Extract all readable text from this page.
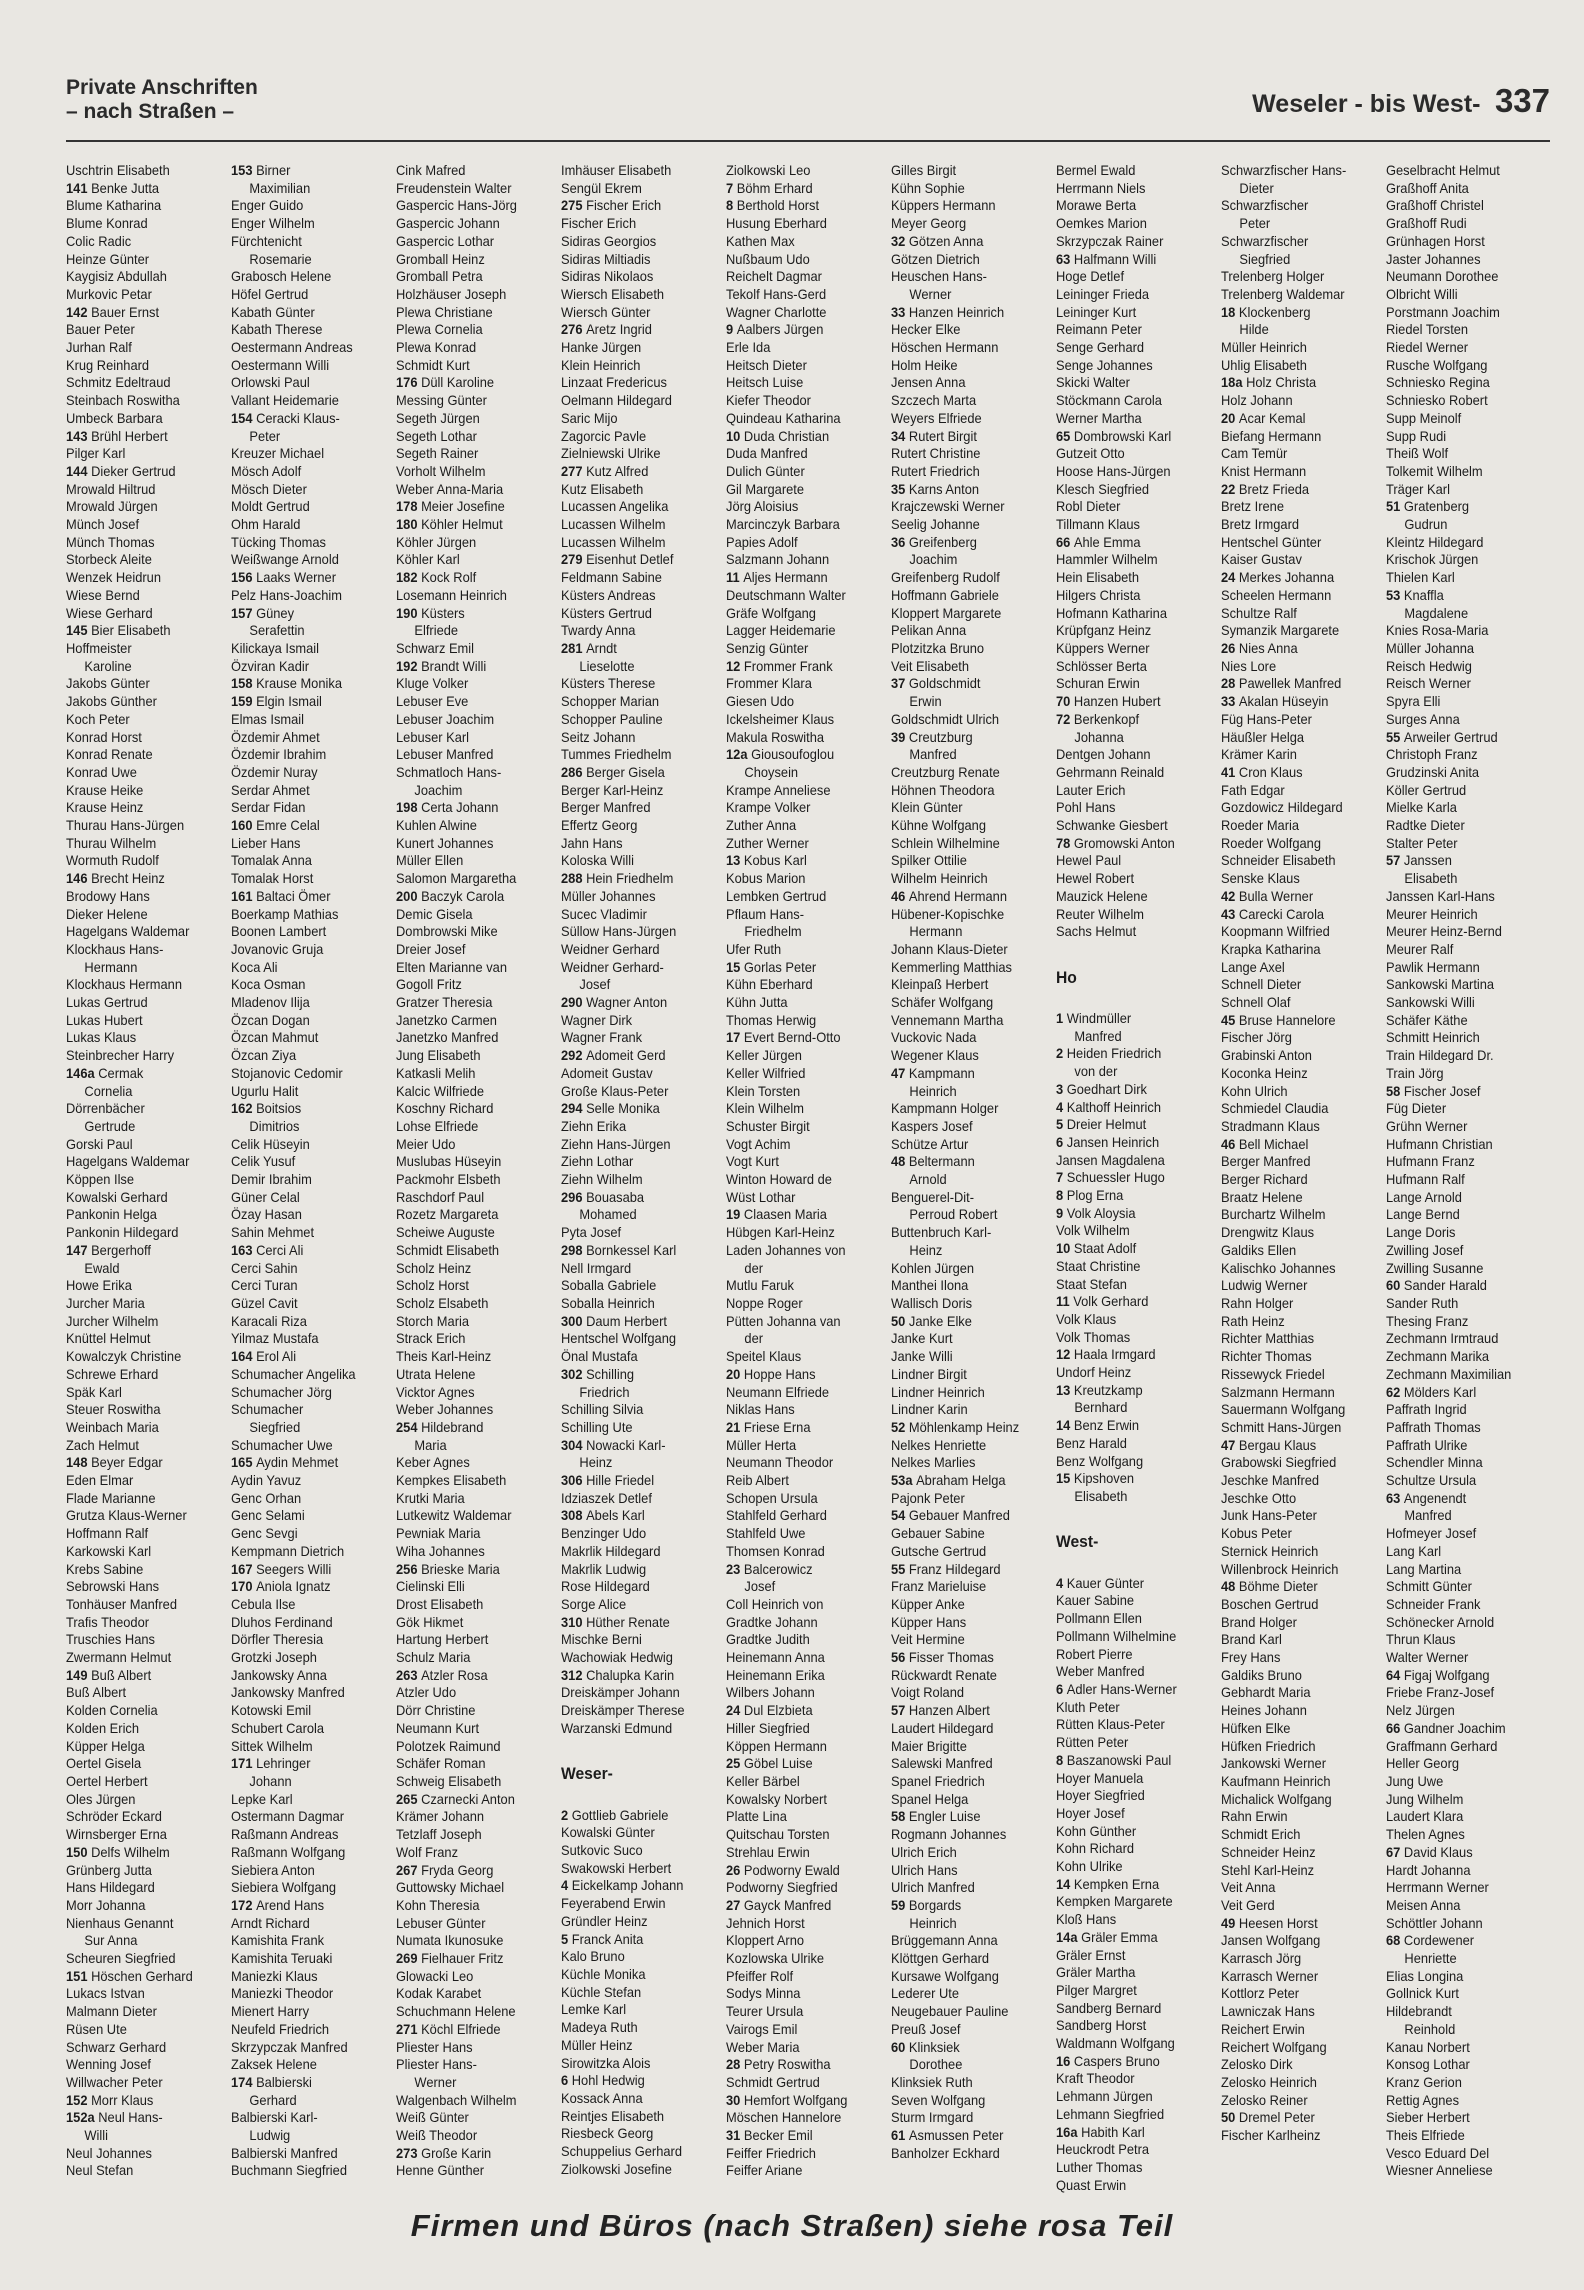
Private Anschriften
– nach Straßen –	Weseler - bis West- 337
Uschtrin Elisabeth
141 Benke Jutta
Blume Katharina
Blume Konrad
Colic Radic
Heinze Günter
Kaygisiz Abdullah
Murkovic Petar
142 Bauer Ernst
Bauer Peter
Jurhan Ralf
Krug Reinhard
Schmitz Edeltraud
Steinbach Roswitha
Umbeck Barbara
143 Brühl Herbert
Pilger Karl
144 Dieker Gertrud
Mrowald Hiltrud
Mrowald Jürgen
Münch Josef
Münch Thomas
Storbeck Aleite
Wenzek Heidrun
Wiese Bernd
Wiese Gerhard
145 Bier Elisabeth
Hoffmeister
Karoline
Jakobs Günter
Jakobs Günther
Koch Peter
Konrad Horst
Konrad Renate
Konrad Uwe
Krause Heike
Krause Heinz
Thurau Hans-Jürgen
Thurau Wilhelm
Wormuth Rudolf
146 Brecht Heinz
Brodowy Hans
Dieker Helene
Hagelgans Waldemar
Klockhaus Hans-
Hermann
Klockhaus Hermann
Lukas Gertrud
Lukas Hubert
Lukas Klaus
Steinbrecher Harry
146a Cermak
Cornelia
Dörrenbächer
Gertrude
Gorski Paul
Hagelgans Waldemar
Köppen Ilse
Kowalski Gerhard
Pankonin Helga
Pankonin Hildegard
147 Bergerhoff
Ewald
Howe Erika
Jurcher Maria
Jurcher Wilhelm
Knüttel Helmut
Kowalczyk Christine
Schrewe Erhard
Späk Karl
Steuer Roswitha
Weinbach Maria
Zach Helmut
148 Beyer Edgar
Eden Elmar
Flade Marianne
Grutza Klaus-Werner
Hoffmann Ralf
Karkowski Karl
Krebs Sabine
Sebrowski Hans
Tonhäuser Manfred
Trafis Theodor
Truschies Hans
Zwermann Helmut
149 Buß Albert
Buß Albert
Kolden Cornelia
Kolden Erich
Küpper Helga
Oertel Gisela
Oertel Herbert
Oles Jürgen
Schröder Eckard
Wirnsberger Erna
150 Delfs Wilhelm
Grünberg Jutta
Hans Hildegard
Morr Johanna
Nienhaus Genannt
Sur Anna
Scheuren Siegfried
151 Höschen Gerhard
Lukacs Istvan
Malmann Dieter
Rüsen Ute
Schwarz Gerhard
Wenning Josef
Willwacher Peter
152 Morr Klaus
152a Neul Hans-
Willi
Neul Johannes
Neul Stefan
153 Birner
Maximilian
Enger Guido
Enger Wilhelm
Fürchtenicht
Rosemarie
Grabosch Helene
Höfel Gertrud
Kabath Günter
Kabath Therese
Oestermann Andreas
Oestermann Willi
Orlowski Paul
Vallant Heidemarie
154 Ceracki Klaus-
Peter
Kreuzer Michael
Mösch Adolf
Mösch Dieter
Moldt Gertrud
Ohm Harald
Tücking Thomas
Weißwange Arnold
156 Laaks Werner
Pelz Hans-Joachim
157 Güney
Serafettin
Kilickaya Ismail
Özviran Kadir
158 Krause Monika
159 Elgin Ismail
Elmas Ismail
Özdemir Ahmet
Özdemir Ibrahim
Özdemir Nuray
Serdar Ahmet
Serdar Fidan
160 Emre Celal
Lieber Hans
Tomalak Anna
Tomalak Horst
161 Baltaci Ömer
Boerkamp Mathias
Boonen Lambert
Jovanovic Gruja
Koca Ali
Koca Osman
Mladenov Ilija
Özcan Dogan
Özcan Mahmut
Özcan Ziya
Stojanovic Cedomir
Ugurlu Halit
162 Boitsios
Dimitrios
Celik Hüseyin
Celik Yusuf
Demir Ibrahim
Güner Celal
Özay Hasan
Sahin Mehmet
163 Cerci Ali
Cerci Sahin
Cerci Turan
Güzel Cavit
Karacali Riza
Yilmaz Mustafa
164 Erol Ali
Schumacher Angelika
Schumacher Jörg
Schumacher
Siegfried
Schumacher Uwe
165 Aydin Mehmet
Aydin Yavuz
Genc Orhan
Genc Selami
Genc Sevgi
Kempmann Dietrich
167 Seegers Willi
170 Aniola Ignatz
Cebula Ilse
Dluhos Ferdinand
Dörfler Theresia
Grotzki Joseph
Jankowsky Anna
Jankowsky Manfred
Kotowski Emil
Schubert Carola
Sittek Wilhelm
171 Lehringer
Johann
Lepke Karl
Ostermann Dagmar
Raßmann Andreas
Raßmann Wolfgang
Siebiera Anton
Siebiera Wolfgang
172 Arend Hans
Arndt Richard
Kamishita Frank
Kamishita Teruaki
Maniezki Klaus
Maniezki Theodor
Mienert Harry
Neufeld Friedrich
Skrzypczak Manfred
Zaksek Helene
174 Balbierski
Gerhard
Balbierski Karl-
Ludwig
Balbierski Manfred
Buchmann Siegfried
Cink Mafred
Freudenstein Walter
Gaspercic Hans-Jörg
Gaspercic Johann
Gaspercic Lothar
Gromball Heinz
Gromball Petra
Holzhäuser Joseph
Plewa Christiane
Plewa Cornelia
Plewa Konrad
Schmidt Kurt
176 Düll Karoline
Messing Günter
Segeth Jürgen
Segeth Lothar
Segeth Rainer
Vorholt Wilhelm
Weber Anna-Maria
178 Meier Josefine
180 Köhler Helmut
Köhler Jürgen
Köhler Karl
182 Kock Rolf
Losemann Heinrich
190 Küsters
Elfriede
Schwarz Emil
192 Brandt Willi
Kluge Volker
Lebuser Eve
Lebuser Joachim
Lebuser Karl
Lebuser Manfred
Schmatloch Hans-
Joachim
198 Certa Johann
Kuhlen Alwine
Kunert Johannes
Müller Ellen
Salomon Margaretha
200 Baczyk Carola
Demic Gisela
Dombrowski Mike
Dreier Josef
Elten Marianne van
Gogoll Fritz
Gratzer Theresia
Janetzko Carmen
Janetzko Manfred
Jung Elisabeth
Katkasli Melih
Kalcic Wilfriede
Koschny Richard
Lohse Elfriede
Meier Udo
Muslubas Hüseyin
Packmohr Elsbeth
Raschdorf Paul
Rozetz Margareta
Scheiwe Auguste
Schmidt Elisabeth
Scholz Heinz
Scholz Horst
Scholz Elsabeth
Storch Maria
Strack Erich
Theis Karl-Heinz
Utrata Helene
Vicktor Agnes
Weber Johannes
254 Hildebrand
Maria
Keber Agnes
Kempkes Elisabeth
Krutki Maria
Lutkewitz Waldemar
Pewniak Maria
Wiha Johannes
256 Brieske Maria
Cielinski Elli
Drost Elisabeth
Gök Hikmet
Hartung Herbert
Schulz Maria
263 Atzler Rosa
Atzler Udo
Dörr Christine
Neumann Kurt
Polotzek Raimund
Schäfer Roman
Schweig Elisabeth
265 Czarnecki Anton
Krämer Johann
Tetzlaff Joseph
Wolf Franz
267 Fryda Georg
Guttowsky Michael
Kohn Theresia
Lebuser Günter
Numata Ikunosuke
269 Fielhauer Fritz
Glowacki Leo
Kodak Karabet
Schuchmann Helene
271 Köchl Elfriede
Pliester Hans
Pliester Hans-
Werner
Walgenbach Wilhelm
Weiß Günter
Weiß Theodor
273 Große Karin
Henne Günther
Imhäuser Elisabeth
Sengül Ekrem
275 Fischer Erich
Fischer Erich
Sidiras Georgios
Sidiras Miltiadis
Sidiras Nikolaos
Wiersch Elisabeth
Wiersch Günter
276 Aretz Ingrid
Hanke Jürgen
Klein Heinrich
Linzaat Fredericus
Oelmann Hildegard
Saric Mijo
Zagorcic Pavle
Zielniewski Ulrike
277 Kutz Alfred
Kutz Elisabeth
Lucassen Angelika
Lucassen Wilhelm
Lucassen Wilhelm
279 Eisenhut Detlef
Feldmann Sabine
Küsters Andreas
Küsters Gertrud
Twardy Anna
281 Arndt
Lieselotte
Küsters Therese
Schopper Marian
Schopper Pauline
Seitz Johann
Tummes Friedhelm
286 Berger Gisela
Berger Karl-Heinz
Berger Manfred
Effertz Georg
Jahn Hans
Koloska Willi
288 Hein Friedhelm
Müller Johannes
Sucec Vladimir
Süllow Hans-Jürgen
Weidner Gerhard
Weidner Gerhard-
Josef
290 Wagner Anton
Wagner Dirk
Wagner Frank
292 Adomeit Gerd
Adomeit Gustav
Große Klaus-Peter
294 Selle Monika
Ziehn Erika
Ziehn Hans-Jürgen
Ziehn Lothar
Ziehn Wilhelm
296 Bouasaba
Mohamed
Pyta Josef
298 Bornkessel Karl
Nell Irmgard
Soballa Gabriele
Soballa Heinrich
300 Daum Herbert
Hentschel Wolfgang
Önal Mustafa
302 Schilling
Friedrich
Schilling Silvia
Schilling Ute
304 Nowacki Karl-
Heinz
306 Hille Friedel
Idziaszek Detlef
308 Abels Karl
Benzinger Udo
Makrlik Hildegard
Makrlik Ludwig
Rose Hildegard
Sorge Alice
310 Hüther Renate
Mischke Berni
Wachowiak Hedwig
312 Chalupka Karin
Dreiskämper Johann
Dreiskämper Therese
Warzanski Edmund
Weser-
2 Gottlieb Gabriele
Kowalski Günter
Sutkovic Suco
Swakowski Herbert
4 Eickelkamp Johann
Feyerabend Erwin
Gründler Heinz
5 Franck Anita
Kalo Bruno
Küchle Monika
Küchle Stefan
Lemke Karl
Madeya Ruth
Müller Heinz
Sirowitzka Alois
6 Hohl Hedwig
Kossack Anna
Reintjes Elisabeth
Riesbeck Georg
Schuppelius Gerhard
Ziolkowski Josefine
Ziolkowski Leo
7 Böhm Erhard
8 Berthold Horst
Husung Eberhard
Kathen Max
Nußbaum Udo
Reichelt Dagmar
Tekolf Hans-Gerd
Wagner Charlotte
9 Aalbers Jürgen
Erle Ida
Heitsch Dieter
Heitsch Luise
Kiefer Theodor
Quindeau Katharina
10 Duda Christian
Duda Manfred
Dulich Günter
Gil Margarete
Jörg Aloisius
Marcinczyk Barbara
Papies Adolf
Salzmann Johann
11 Aljes Hermann
Deutschmann Walter
Gräfe Wolfgang
Lagger Heidemarie
Senzig Günter
12 Frommer Frank
Frommer Klara
Giesen Udo
Ickelsheimer Klaus
Makula Roswitha
12a Giousoufoglou
Choysein
Krampe Anneliese
Krampe Volker
Zuther Anna
Zuther Werner
13 Kobus Karl
Kobus Marion
Lembken Gertrud
Pflaum Hans-
Friedhelm
Ufer Ruth
15 Gorlas Peter
Kühn Eberhard
Kühn Jutta
Thomas Herwig
17 Evert Bernd-Otto
Keller Jürgen
Keller Wilfried
Klein Torsten
Klein Wilhelm
Schuster Birgit
Vogt Achim
Vogt Kurt
Winton Howard de
Wüst Lothar
19 Claasen Maria
Hübgen Karl-Heinz
Laden Johannes von
der
Mutlu Faruk
Noppe Roger
Pütten Johanna van
der
Speitel Klaus
20 Hoppe Hans
Neumann Elfriede
Niklas Hans
21 Friese Erna
Müller Herta
Neumann Theodor
Reib Albert
Schopen Ursula
Stahlfeld Gerhard
Stahlfeld Uwe
Thomsen Konrad
23 Balcerowicz
Josef
Coll Heinrich von
Gradtke Johann
Gradtke Judith
Heinemann Anna
Heinemann Erika
Wilbers Johann
24 Dul Elzbieta
Hiller Siegfried
Köppen Hermann
25 Göbel Luise
Keller Bärbel
Kowalsky Norbert
Platte Lina
Quitschau Torsten
Strehlau Erwin
26 Podworny Ewald
Podworny Siegfried
27 Gayck Manfred
Jehnich Horst
Kloppert Arno
Kozlowska Ulrike
Pfeiffer Rolf
Sodys Minna
Teurer Ursula
Vairogs Emil
Weber Maria
28 Petry Roswitha
Schmidt Gertrud
30 Hemfort Wolfgang
Möschen Hannelore
31 Becker Emil
Feiffer Friedrich
Feiffer Ariane
Gilles Birgit
Kühn Sophie
Küppers Hermann
Meyer Georg
32 Götzen Anna
Götzen Dietrich
Heuschen Hans-
Werner
33 Hanzen Heinrich
Hecker Elke
Höschen Hermann
Holm Heike
Jensen Anna
Szczech Marta
Weyers Elfriede
34 Rutert Birgit
Rutert Christine
Rutert Friedrich
35 Karns Anton
Krajczewski Werner
Seelig Johanne
36 Greifenberg
Joachim
Greifenberg Rudolf
Hoffmann Gabriele
Kloppert Margarete
Pelikan Anna
Plotzitzka Bruno
Veit Elisabeth
37 Goldschmidt
Erwin
Goldschmidt Ulrich
39 Creutzburg
Manfred
Creutzburg Renate
Höhnen Theodora
Klein Günter
Kühne Wolfgang
Schlein Wilhelmine
Spilker Ottilie
Wilhelm Heinrich
46 Ahrend Hermann
Hübener-Kopischke
Hermann
Johann Klaus-Dieter
Kemmerling Matthias
Kleinpaß Herbert
Schäfer Wolfgang
Vennemann Martha
Vuckovic Nada
Wegener Klaus
47 Kampmann
Heinrich
Kampmann Holger
Kaspers Josef
Schütze Artur
48 Beltermann
Arnold
Benguerel-Dit-
Perroud Robert
Buttenbruch Karl-
Heinz
Kohlen Jürgen
Manthei Ilona
Wallisch Doris
50 Janke Elke
Janke Kurt
Janke Willi
Lindner Birgit
Lindner Heinrich
Lindner Karin
52 Möhlenkamp Heinz
Nelkes Henriette
Nelkes Marlies
53a Abraham Helga
Pajonk Peter
54 Gebauer Manfred
Gebauer Sabine
Gutsche Gertrud
55 Franz Hildegard
Franz Marieluise
Küpper Anke
Küpper Hans
Veit Hermine
56 Fisser Thomas
Rückwardt Renate
Voigt Roland
57 Hanzen Albert
Laudert Hildegard
Maier Brigitte
Salewski Manfred
Spanel Friedrich
Spanel Helga
58 Engler Luise
Rogmann Johannes
Ulrich Erich
Ulrich Hans
Ulrich Manfred
59 Borgards
Heinrich
Brüggemann Anna
Klöttgen Gerhard
Kursawe Wolfgang
Lederer Ute
Neugebauer Pauline
Preuß Josef
60 Klinksiek
Dorothee
Klinksiek Ruth
Seven Wolfgang
Sturm Irmgard
61 Asmussen Peter
Banholzer Eckhard
Bermel Ewald
Herrmann Niels
Morawe Berta
Oemkes Marion
Skrzypczak Rainer
63 Halfmann Willi
Hoge Detlef
Leininger Frieda
Leininger Kurt
Reimann Peter
Senge Gerhard
Senge Johannes
Skicki Walter
Stöckmann Carola
Werner Martha
65 Dombrowski Karl
Gutzeit Otto
Hoose Hans-Jürgen
Klesch Siegfried
Robl Dieter
Tillmann Klaus
66 Ahle Emma
Hammler Wilhelm
Hein Elisabeth
Hilgers Christa
Hofmann Katharina
Krüpfganz Heinz
Küppers Werner
Schlösser Berta
Schuran Erwin
70 Hanzen Hubert
72 Berkenkopf
Johanna
Dentgen Johann
Gehrmann Reinald
Lauter Erich
Pohl Hans
Schwanke Giesbert
78 Gromowski Anton
Hewel Paul
Hewel Robert
Mauzick Helene
Reuter Wilhelm
Sachs Helmut
Ho
1 Windmüller
Manfred
2 Heiden Friedrich
von der
3 Goedhart Dirk
4 Kalthoff Heinrich
5 Dreier Helmut
6 Jansen Heinrich
Jansen Magdalena
7 Schuessler Hugo
8 Plog Erna
9 Volk Aloysia
Volk Wilhelm
10 Staat Adolf
Staat Christine
Staat Stefan
11 Volk Gerhard
Volk Klaus
Volk Thomas
12 Haala Irmgard
Undorf Heinz
13 Kreutzkamp
Bernhard
14 Benz Erwin
Benz Harald
Benz Wolfgang
15 Kipshoven
Elisabeth
West-
4 Kauer Günter
Kauer Sabine
Pollmann Ellen
Pollmann Wilhelmine
Robert Pierre
Weber Manfred
6 Adler Hans-Werner
Kluth Peter
Rütten Klaus-Peter
Rütten Peter
8 Baszanowski Paul
Hoyer Manuela
Hoyer Siegfried
Hoyer Josef
Kohn Günther
Kohn Richard
Kohn Ulrike
14 Kempken Erna
Kempken Margarete
Kloß Hans
14a Gräler Emma
Gräler Ernst
Gräler Martha
Pilger Margret
Sandberg Bernard
Sandberg Horst
Waldmann Wolfgang
16 Caspers Bruno
Kraft Theodor
Lehmann Jürgen
Lehmann Siegfried
16a Habith Karl
Heuckrodt Petra
Luther Thomas
Quast Erwin
Schwarzfischer Hans-
Dieter
Schwarzfischer
Peter
Schwarzfischer
Siegfried
Trelenberg Holger
Trelenberg Waldemar
18 Klockenberg
Hilde
Müller Heinrich
Uhlig Elisabeth
18a Holz Christa
Holz Johann
20 Acar Kemal
Biefang Hermann
Cam Temür
Knist Hermann
22 Bretz Frieda
Bretz Irene
Bretz Irmgard
Hentschel Günter
Kaiser Gustav
24 Merkes Johanna
Scheelen Hermann
Schultze Ralf
Symanzik Margarete
26 Nies Anna
Nies Lore
28 Pawellek Manfred
33 Akalan Hüseyin
Füg Hans-Peter
Häußler Helga
Krämer Karin
41 Cron Klaus
Fath Edgar
Gozdowicz Hildegard
Roeder Maria
Roeder Wolfgang
Schneider Elisabeth
Senske Klaus
42 Bulla Werner
43 Carecki Carola
Koopmann Wilfried
Krapka Katharina
Lange Axel
Schnell Dieter
Schnell Olaf
45 Bruse Hannelore
Fischer Jörg
Grabinski Anton
Koconka Heinz
Kohn Ulrich
Schmiedel Claudia
Stradmann Klaus
46 Bell Michael
Berger Manfred
Berger Richard
Braatz Helene
Burchartz Wilhelm
Drengwitz Klaus
Galdiks Ellen
Kalischko Johannes
Ludwig Werner
Rahn Holger
Rath Heinz
Richter Matthias
Richter Thomas
Rissewyck Friedel
Salzmann Hermann
Sauermann Wolfgang
Schmitt Hans-Jürgen
47 Bergau Klaus
Grabowski Siegfried
Jeschke Manfred
Jeschke Otto
Junk Hans-Peter
Kobus Peter
Sternick Heinrich
Willenbrock Heinrich
48 Böhme Dieter
Boschen Gertrud
Brand Holger
Brand Karl
Frey Hans
Galdiks Bruno
Gebhardt Maria
Heines Johann
Hüfken Elke
Hüfken Friedrich
Jankowski Werner
Kaufmann Heinrich
Michalick Wolfgang
Rahn Erwin
Schmidt Erich
Schneider Heinz
Stehl Karl-Heinz
Veit Anna
Veit Gerd
49 Heesen Horst
Jansen Wolfgang
Karrasch Jörg
Karrasch Werner
Kottlorz Peter
Lawniczak Hans
Reichert Erwin
Reichert Wolfgang
Zelosko Dirk
Zelosko Heinrich
Zelosko Reiner
50 Dremel Peter
Fischer Karlheinz
Geselbracht Helmut
Graßhoff Anita
Graßhoff Christel
Graßhoff Rudi
Grünhagen Horst
Jaster Johannes
Neumann Dorothee
Olbricht Willi
Porstmann Joachim
Riedel Torsten
Riedel Werner
Rusche Wolfgang
Schniesko Regina
Schniesko Robert
Supp Meinolf
Supp Rudi
Theiß Wolf
Tolkemit Wilhelm
Träger Karl
51 Gratenberg
Gudrun
Kleintz Hildegard
Krischok Jürgen
Thielen Karl
53 Knaffla
Magdalene
Knies Rosa-Maria
Müller Johanna
Reisch Hedwig
Reisch Werner
Spyra Elli
Surges Anna
55 Arweiler Gertrud
Christoph Franz
Grudzinski Anita
Köller Gertrud
Mielke Karla
Radtke Dieter
Stalter Peter
57 Janssen
Elisabeth
Janssen Karl-Hans
Meurer Heinrich
Meurer Heinz-Bernd
Meurer Ralf
Pawlik Hermann
Sankowski Martina
Sankowski Willi
Schäfer Käthe
Schmitt Heinrich
Train Hildegard Dr.
Train Jörg
58 Fischer Josef
Füg Dieter
Grühn Werner
Hufmann Christian
Hufmann Franz
Hufmann Ralf
Lange Arnold
Lange Bernd
Lange Doris
Zwilling Josef
Zwilling Susanne
60 Sander Harald
Sander Ruth
Thesing Franz
Zechmann Irmtraud
Zechmann Marika
Zechmann Maximilian
62 Mölders Karl
Paffrath Ingrid
Paffrath Thomas
Paffrath Ulrike
Schendler Minna
Schultze Ursula
63 Angenendt
Manfred
Hofmeyer Josef
Lang Karl
Lang Martina
Schmitt Günter
Schneider Frank
Schönecker Arnold
Thrun Klaus
Walter Werner
64 Figaj Wolfgang
Friebe Franz-Josef
Nelz Jürgen
66 Gandner Joachim
Graffmann Gerhard
Heller Georg
Jung Uwe
Jung Wilhelm
Laudert Klara
Thelen Agnes
67 David Klaus
Hardt Johanna
Herrmann Werner
Meisen Anna
Schöttler Johann
68 Cordewener
Henriette
Elias Longina
Gollnick Kurt
Hildebrandt
Reinhold
Kanau Norbert
Konsog Lothar
Kranz Gerion
Rettig Agnes
Sieber Herbert
Theis Elfriede
Vesco Eduard Del
Wiesner Anneliese
Firmen und Büros (nach Straßen) siehe rosa Teil
